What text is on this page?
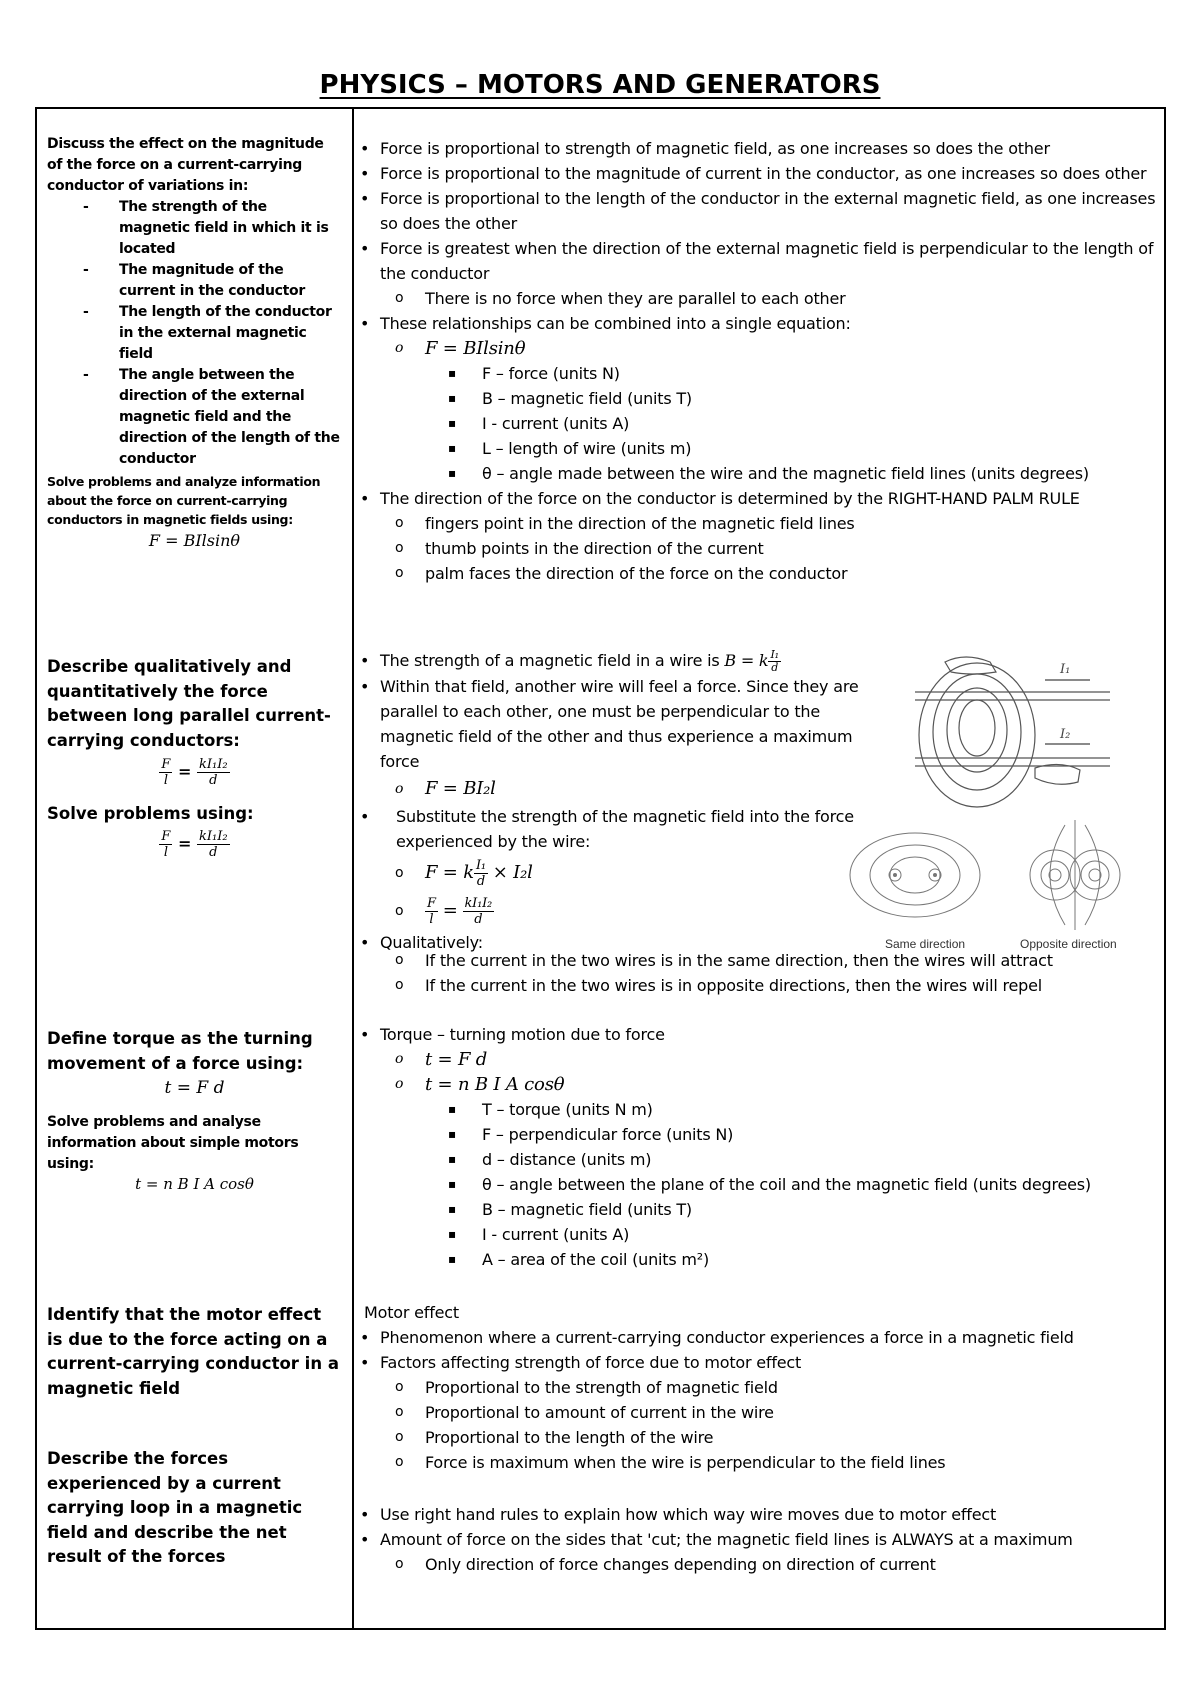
PHYSICS – MOTORS AND GENERATORS
Discuss the effect on the magnitude of the force on a current-carrying conductor of variations in:
- The strength of the magnetic field in which it is located
- The magnitude of the current in the conductor
- The length of the conductor in the external magnetic field
- The angle between the direction of the external magnetic field and the direction of the length of the conductor
Solve problems and analyze information about the force on current-carrying conductors in magnetic fields using:
F = BIlsinθ
• Force is proportional to strength of magnetic field, as one increases so does the other
• Force is proportional to the magnitude of current in the conductor, as one increases so does other
• Force is proportional to the length of the conductor in the external magnetic field, as one increases so does the other
• Force is greatest when the direction of the external magnetic field is perpendicular to the length of the conductor
o There is no force when they are parallel to each other
• These relationships can be combined into a single equation:
o F = BIlsinθ
▪ F – force (units N)
▪ B – magnetic field (units T)
▪ I - current (units A)
▪ L – length of wire (units m)
▪ θ – angle made between the wire and the magnetic field lines (units degrees)
• The direction of the force on the conductor is determined by the RIGHT-HAND PALM RULE
o fingers point in the direction of the magnetic field lines
o thumb points in the direction of the current
o palm faces the direction of the force on the conductor
Describe qualitatively and quantitatively the force between long parallel current-carrying conductors:
$\frac{F}{l} = \frac{\text{kI₁I₂}}{d}$
Solve problems using:
$\frac{F}{l} = \frac{\text{kI₁I₂}}{d}$
• The strength of a magnetic field in a wire is B = k $\frac{\text{I₁}}{d}$
• Within that field, another wire will feel a force. Since they are parallel to each other, one must be perpendicular to the magnetic field of the other and thus experience a maximum force
o F = BI₂l
• Substitute the strength of the magnetic field into the force experienced by the wire:
o F = k $\frac{\text{I₁}}{d} \times I_2l$
o $\frac{F}{l} = \frac{\text{kI₁I₂}}{d}$
• Qualitatively:
o If the current in the two wires is in the same direction, then the wires will attract
o If the current in the two wires is in opposite directions, then the wires will repel
I₁
I₂
Same direction	Opposite direction
Define torque as the turning movement of a force using:
t = F d
Solve problems and analyse information about simple motors using:
t = n B I A cosθ
• Torque – turning motion due to force
o t = F d
o t = n B I A cosθ
▪ T – torque (units N m)
▪ F – perpendicular force (units N)
▪ d – distance (units m)
▪ θ – angle between the plane of the coil and the magnetic field (units degrees)
▪ B – magnetic field (units T)
▪ I - current (units A)
▪ A – area of the coil (units m²)
Identify that the motor effect is due to the force acting on a current-carrying conductor in a magnetic field
Describe the forces experienced by a current carrying loop in a magnetic field and describe the net result of the forces
Motor effect
• Phenomenon where a current-carrying conductor experiences a force in a magnetic field
• Factors affecting strength of force due to motor effect
o Proportional to the strength of magnetic field
o Proportional to amount of current in the wire
o Proportional to the length of the wire
o Force is maximum when the wire is perpendicular to the field lines
• Use right hand rules to explain how which way wire moves due to motor effect
• Amount of force on the sides that 'cut; the magnetic field lines is ALWAYS at a maximum
o Only direction of force changes depending on direction of current
